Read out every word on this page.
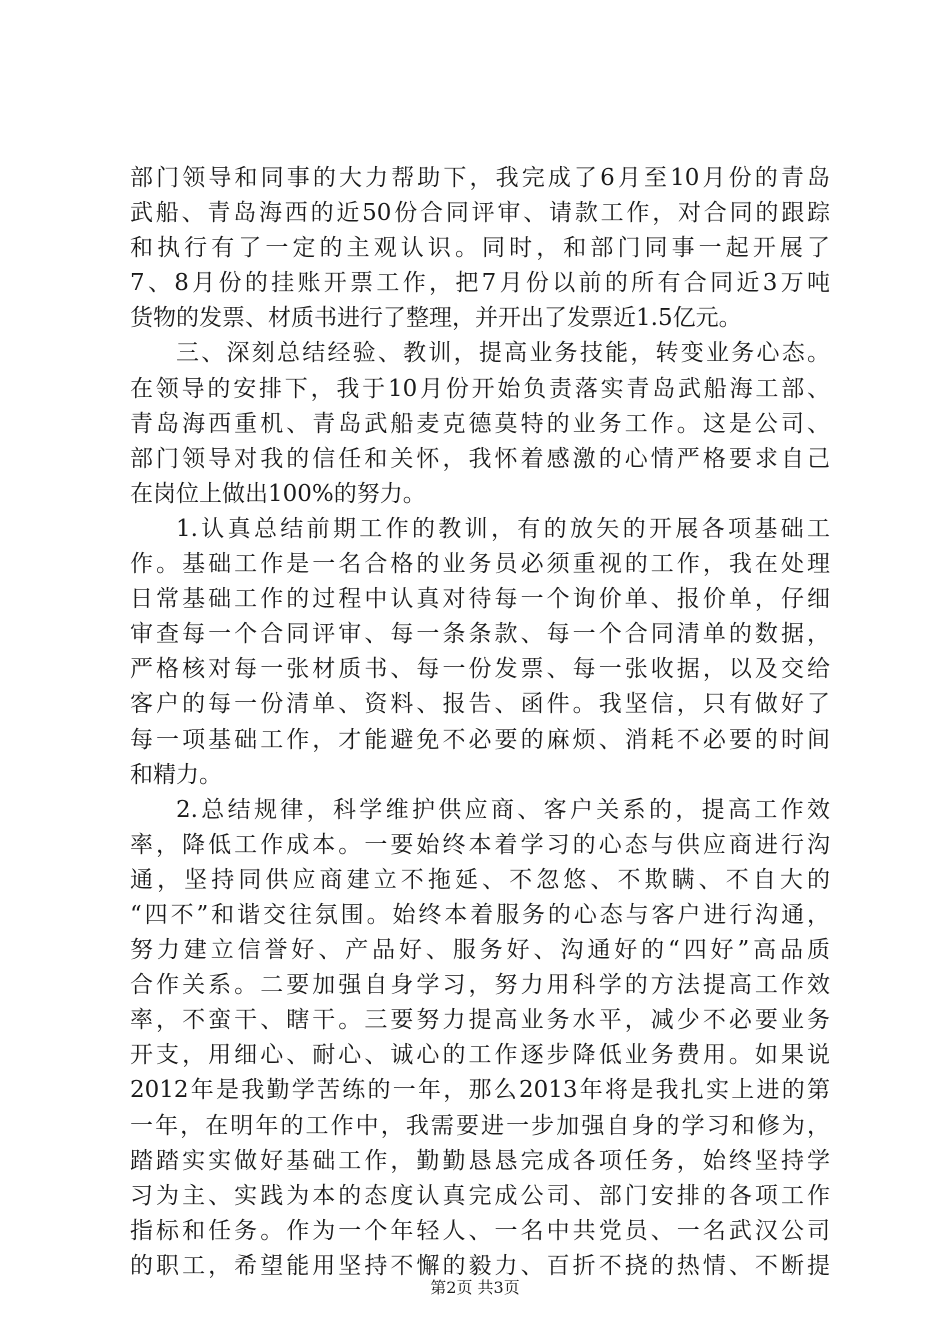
部门领导和同事的大力帮助下，我完成了6月至10月份的青岛
武船、青岛海西的近50份合同评审、请款工作，对合同的跟踪
和执行有了一定的主观认识。同时，和部门同事一起开展了
7、8月份的挂账开票工作，把7月份以前的所有合同近3万吨
货物的发票、材质书进行了整理，并开出了发票近1.5亿元。
三、深刻总结经验、教训，提高业务技能，转变业务心态。
在领导的安排下，我于10月份开始负责落实青岛武船海工部、
青岛海西重机、青岛武船麦克德莫特的业务工作。这是公司、
部门领导对我的信任和关怀，我怀着感激的心情严格要求自己
在岗位上做出100%的努力。
1.认真总结前期工作的教训，有的放矢的开展各项基础工
作。基础工作是一名合格的业务员必须重视的工作，我在处理
日常基础工作的过程中认真对待每一个询价单、报价单，仔细
审查每一个合同评审、每一条条款、每一个合同清单的数据，
严格核对每一张材质书、每一份发票、每一张收据，以及交给
客户的每一份清单、资料、报告、函件。我坚信，只有做好了
每一项基础工作，才能避免不必要的麻烦、消耗不必要的时间
和精力。
2.总结规律，科学维护供应商、客户关系的，提高工作效
率，降低工作成本。一要始终本着学习的心态与供应商进行沟
通，坚持同供应商建立不拖延、不忽悠、不欺瞒、不自大的
“四不”和谐交往氛围。始终本着服务的心态与客户进行沟通，
努力建立信誉好、产品好、服务好、沟通好的“四好”高品质
合作关系。二要加强自身学习，努力用科学的方法提高工作效
率，不蛮干、瞎干。三要努力提高业务水平，减少不必要业务
开支，用细心、耐心、诚心的工作逐步降低业务费用。如果说
2012年是我勤学苦练的一年，那么2013年将是我扎实上进的第
一年，在明年的工作中，我需要进一步加强自身的学习和修为，
踏踏实实做好基础工作，勤勤恳恳完成各项任务，始终坚持学
习为主、实践为本的态度认真完成公司、部门安排的各项工作
指标和任务。作为一个年轻人、一名中共党员、一名武汉公司
的职工，希望能用坚持不懈的毅力、百折不挠的热情、不断提
第2页 共3页
